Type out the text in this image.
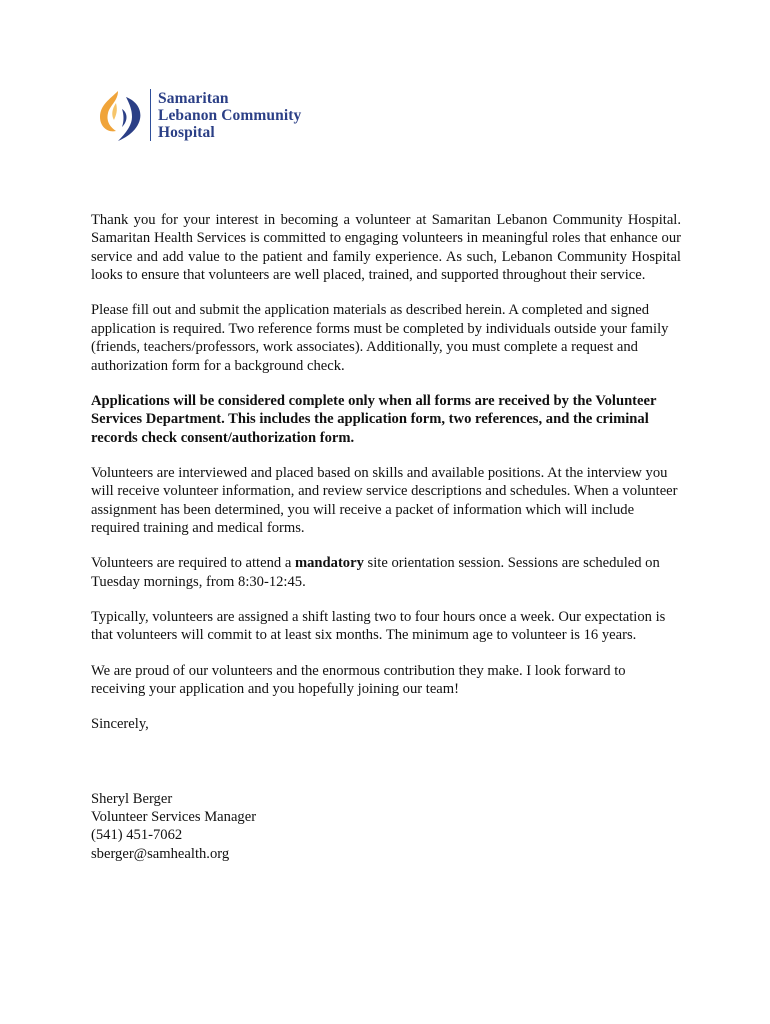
Samaritan
Lebanon Community
Hospital

Thank you for your interest in becoming a volunteer at Samaritan Lebanon Community Hospital. Samaritan Health Services is committed to engaging volunteers in meaningful roles that enhance our service and add value to the patient and family experience. As such, Lebanon Community Hospital looks to ensure that volunteers are well placed, trained, and supported throughout their service.

Please fill out and submit the application materials as described herein. A completed and signed application is required. Two reference forms must be completed by individuals outside your family (friends, teachers/professors, work associates). Additionally, you must complete a request and authorization form for a background check.

Applications will be considered complete only when all forms are received by the Volunteer Services Department. This includes the application form, two references, and the criminal records check consent/authorization form.

Volunteers are interviewed and placed based on skills and available positions. At the interview you will receive volunteer information, and review service descriptions and schedules. When a volunteer assignment has been determined, you will receive a packet of information which will include required training and medical forms.

Volunteers are required to attend a mandatory site orientation session. Sessions are scheduled on Tuesday mornings, from 8:30-12:45.

Typically, volunteers are assigned a shift lasting two to four hours once a week. Our expectation is that volunteers will commit to at least six months. The minimum age to volunteer is 16 years.

We are proud of our volunteers and the enormous contribution they make. I look forward to receiving your application and you hopefully joining our team!

Sincerely,

Sheryl Berger
Volunteer Services Manager
(541) 451-7062
sberger@samhealth.org
